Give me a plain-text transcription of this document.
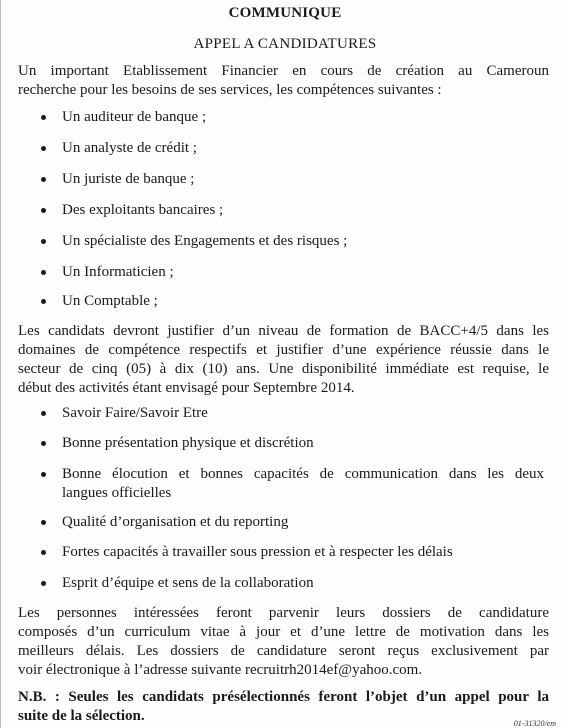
COMMUNIQUE
APPEL A CANDIDATURES

Un important Etablissement Financier en cours de création au Cameroun
recherche pour les besoins de ses services, les compétences suivantes :

Un auditeur de banque ;
Un analyste de crédit ;
Un juriste de banque ;
Des exploitants bancaires ;
Un spécialiste des Engagements et des risques ;
Un Informaticien ;
Un Comptable ;

Les candidats devront justifier d’un niveau de formation de BACC+4/5 dans les
domaines de compétence respectifs et justifier d’une expérience réussie dans le
secteur de cinq (05) à dix (10) ans. Une disponibilité immédiate est requise, le
début des activités étant envisagé pour Septembre 2014.

Savoir Faire/Savoir Etre
Bonne présentation physique et discrétion
Bonne élocution et bonnes capacités de communication dans les deux
langues officielles
Qualité d’organisation et du reporting
Fortes capacités à travailler sous pression et à respecter les délais
Esprit d’équipe et sens de la collaboration

Les personnes intéressées feront parvenir leurs dossiers de candidature
composés d’un curriculum vitae à jour et d’une lettre de motivation dans les
meilleurs délais. Les dossiers de candidature seront reçus exclusivement par
voir électronique à l’adresse suivante recruitrh2014ef@yahoo.com.

N.B. : Seules les candidats présélectionnés feront l’objet d’un appel pour la
suite de la sélection.	01-31320/em
